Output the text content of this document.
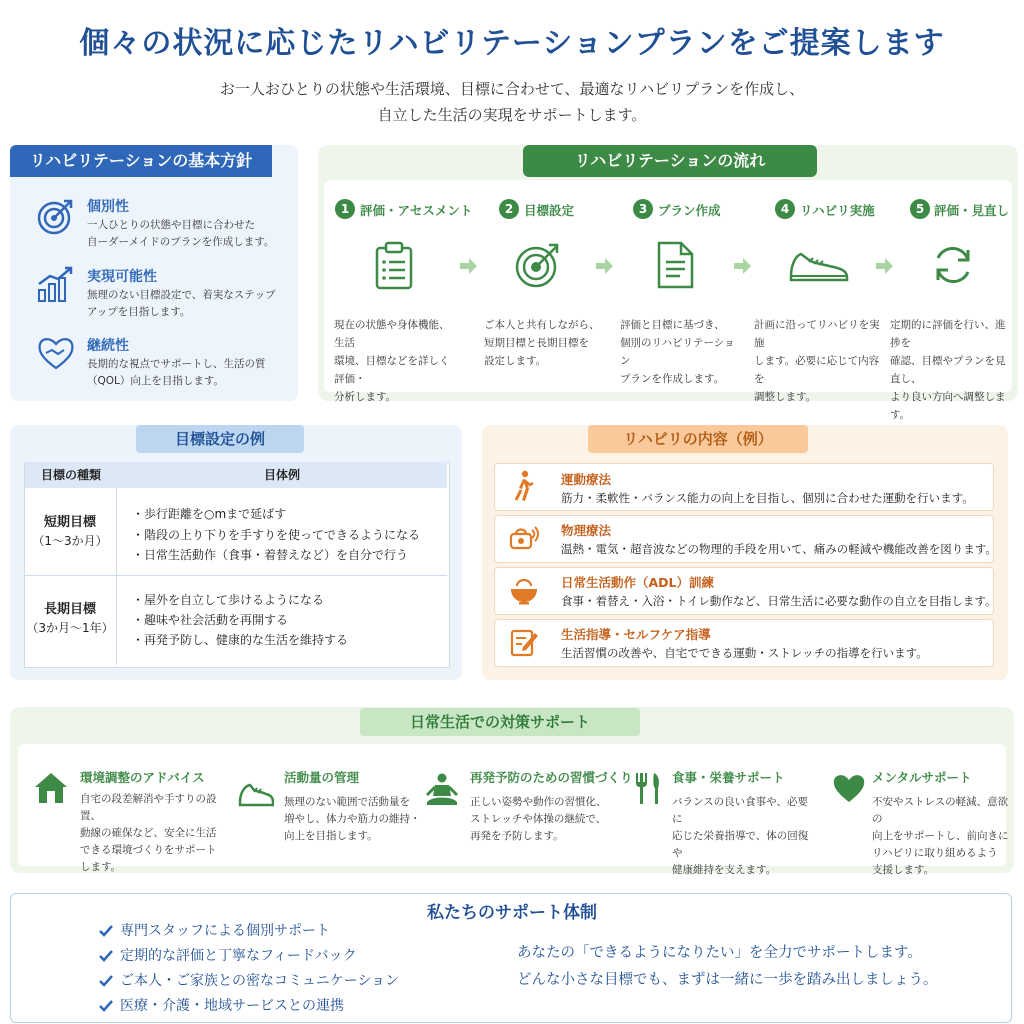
個々の状況に応じたリハビリテーションプランをご提案します
お一人おひとりの状態や生活環境、目標に合わせて、最適なリハビリプランを作成し、
自立した生活の実現をサポートします。
リハビリテーションの基本方針
個別性
一人ひとりの状態や目標に合わせた
自ーダーメイドのプランを作成します。
実現可能性
無理のない目標設定で、着実なステップ
アップを目指します。
継続性
長期的な視点でサポートし、生活の質
（QOL）向上を目指します。
リハビリテーションの流れ
1 評価・アセスメント
現在の状態や身体機能、生活
環境、目標などを詳しく評価・
分析します。
2 目標設定
ご本人と共有しながら、
短期目標と長期目標を
設定します。
3 プラン作成
評価と目標に基づき、
個別のリハビリテーション
プランを作成します。
4 リハビリ実施
計画に沿ってリハビリを実施
します。必要に応じて内容を
調整します。
5 評価・見直し
定期的に評価を行い、進捗を
確認、目標やプランを見直し、
より良い方向へ調整します。
目標設定の例
目標の種類	目体例
短期目標
（1〜3か月）
・歩行距離を○mまで延ばす
・階段の上り下りを手すりを使ってできるようになる
・日常生活動作（食事・着替えなど）を自分で行う
長期目標
（3か月〜1年）
・屋外を自立して歩けるようになる
・趣味や社会活動を再開する
・再発予防し、健康的な生活を維持する
リハビリの内容（例）
運動療法
筋力・柔軟性・バランス能力の向上を目指し、個別に合わせた運動を行います。
物理療法
温熱・電気・超音波などの物理的手段を用いて、痛みの軽減や機能改善を図ります。
日常生活動作（ADL）訓練
食事・着替え・入浴・トイレ動作など、日常生活に必要な動作の自立を目指します。
生活指導・セルフケア指導
生活習慣の改善や、自宅でできる運動・ストレッチの指導を行います。
日常生活での対策サポート
環境調整のアドバイス
自宅の段差解消や手すりの設置、
動線の確保など、安全に生活
できる環境づくりをサポート
します。
活動量の管理
無理のない範囲で活動量を
増やし、体力や筋力の維持・
向上を目指します。
再発予防のための習慣づくり
正しい姿勢や動作の習慣化、
ストレッチや体操の継続で、
再発を予防します。
食事・栄養サポート
バランスの良い食事や、必要に
応じた栄養指導で、体の回復や
健康維持を支えます。
メンタルサポート
不安やストレスの軽減、意欲の
向上をサポートし、前向きに
リハビリに取り組めるよう
支援します。
私たちのサポート体制
専門スタッフによる個別サポート
定期的な評価と丁寧なフィードバック
ご本人・ご家族との密なコミュニケーション
医療・介護・地域サービスとの連携
あなたの「できるようになりたい」を全力でサポートします。
どんな小さな目標でも、まずは一緒に一歩を踏み出しましょう。
